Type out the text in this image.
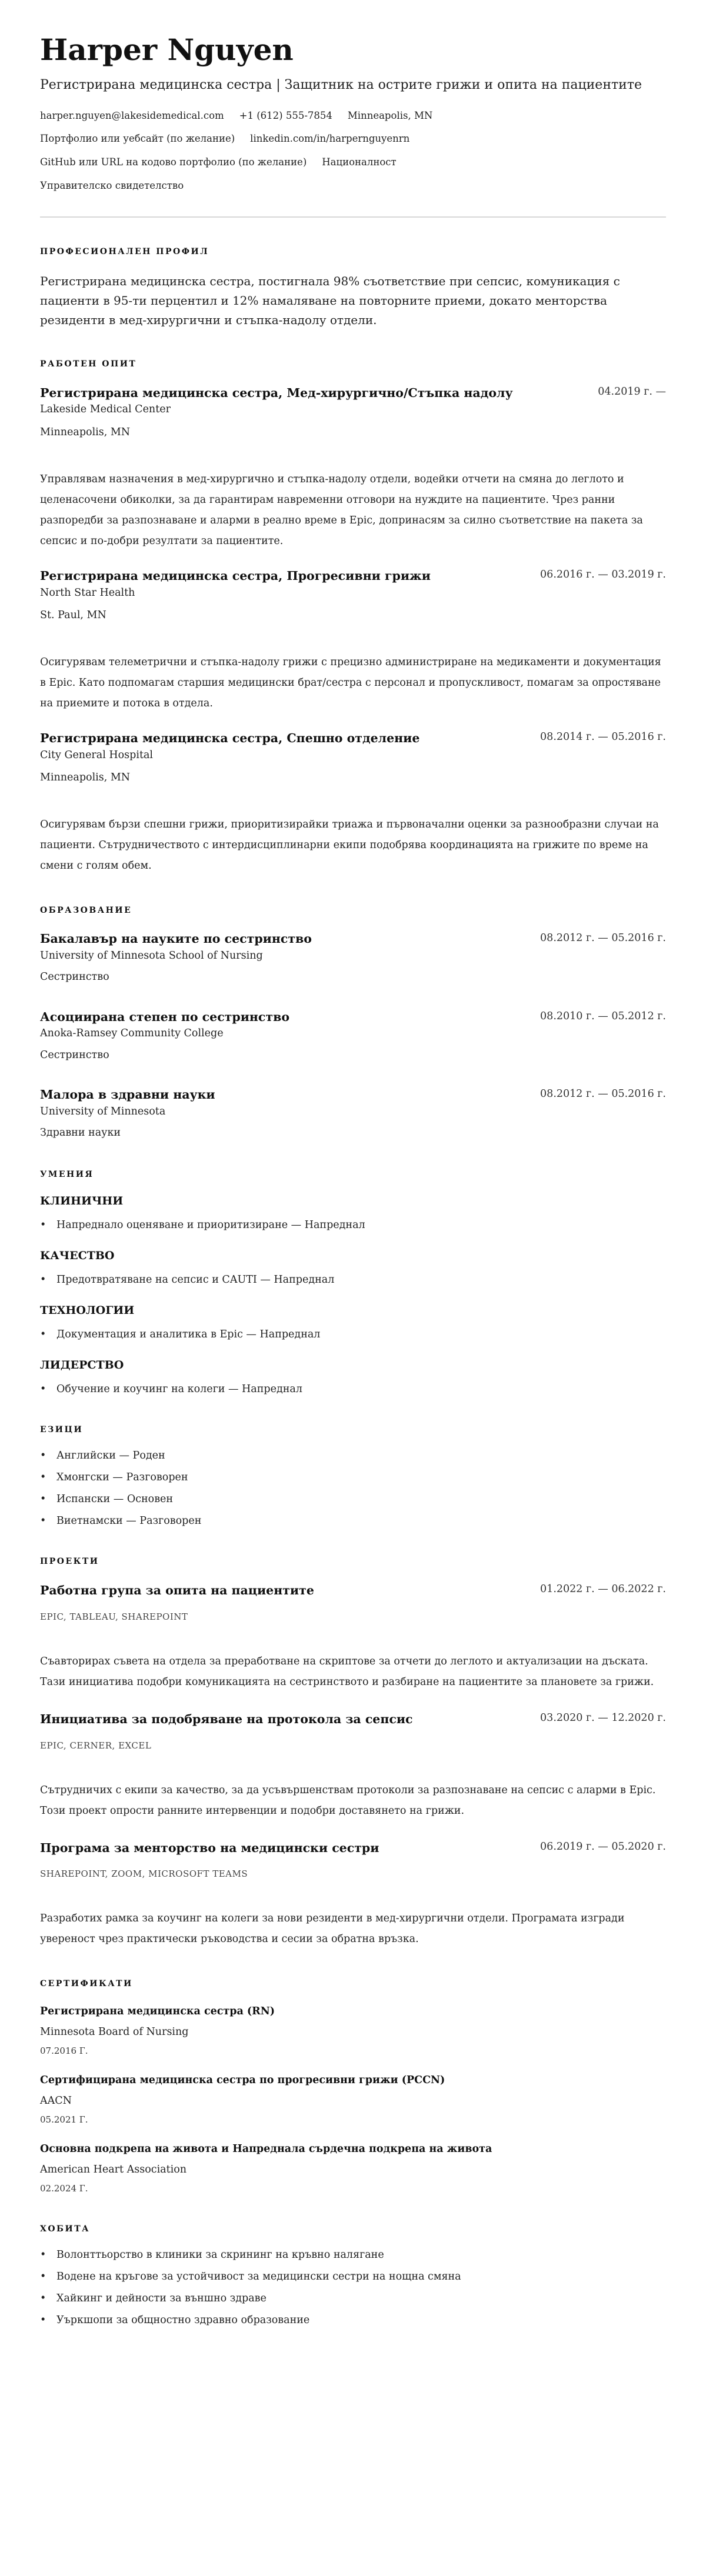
Harper Nguyen
Регистрирана медицинска сестра | Защитник на острите грижи и опита на пациентите
harper.nguyen@lakesidemedical.com +1 (612) 555-7854 Minneapolis, MN
Портфолио или уебсайт (по желание) linkedin.com/in/harpernguyenrn
GitHub или URL на кодово портфолио (по желание) Националност
Управителско свидетелство
ПРОФЕСИОНАЛЕН ПРОФИЛ

Регистрирана медицинска сестра, постигнала 98% съответствие при сепсис, комуникация с пациенти в 95-ти перцентил и 12% намаляване на повторните приеми, докато менторства резиденти в мед-хирургични и стъпка-надолу отдели.

РАБОТЕН ОПИТ
Регистрирана медицинска сестра, Мед-хирургично/Стъпка надолу	04.2019 г. —
Lakeside Medical Center
Minneapolis, MN
Управлявам назначения в мед-хирургично и стъпка-надолу отдели, водейки отчети на смяна до леглото и целенасочени обиколки, за да гарантирам навременни отговори на нуждите на пациентите. Чрез ранни разпоредби за разпознаване и аларми в реално време в Epic, допринасям за силно съответствие на пакета за сепсис и по-добри резултати за пациентите.
Регистрирана медицинска сестра, Прогресивни грижи	06.2016 г. — 03.2019 г.
North Star Health
St. Paul, MN
Осигурявам телеметрични и стъпка-надолу грижи с прецизно администриране на медикаменти и документация в Epic. Като подпомагам старшия медицински брат/сестра с персонал и пропускливост, помагам за опростяване на приемите и потока в отдела.
Регистрирана медицинска сестра, Спешно отделение	08.2014 г. — 05.2016 г.
City General Hospital
Minneapolis, MN
Осигурявам бързи спешни грижи, приоритизирайки триажа и първоначални оценки за разнообразни случаи на пациенти. Сътрудничеството с интердисциплинарни екипи подобрява координацията на грижите по време на смени с голям обем.
ОБРАЗОВАНИЕ
Бакалавър на науките по сестринство	08.2012 г. — 05.2016 г.
University of Minnesota School of Nursing
Сестринство
Асоциирана степен по сестринство	08.2010 г. — 05.2012 г.
Anoka-Ramsey Community College
Сестринство
Малора в здравни науки	08.2012 г. — 05.2016 г.
University of Minnesota
Здравни науки
УМЕНИЯ
КЛИНИЧНИ
• Напреднало оценяване и приоритизиране — Напреднал
КАЧЕСТВО
• Предотвратяване на сепсис и CAUTI — Напреднал
ТЕХНОЛОГИИ
• Документация и аналитика в Epic — Напреднал
ЛИДЕРСТВО
• Обучение и коучинг на колеги — Напреднал
ЕЗИЦИ
• Английски — Роден
• Хмонгски — Разговорен
• Испански — Основен
• Виетнамски — Разговорен
ПРОЕКТИ
Работна група за опита на пациентите	01.2022 г. — 06.2022 г.
EPIC, TABLEAU, SHAREPOINT
Съавторирах съвета на отдела за преработване на скриптове за отчети до леглото и актуализации на дъската. Тази инициатива подобри комуникацията на сестринството и разбиране на пациентите за плановете за грижи.
Инициатива за подобряване на протокола за сепсис	03.2020 г. — 12.2020 г.
EPIC, CERNER, EXCEL
Сътрудничих с екипи за качество, за да усъвършенствам протоколи за разпознаване на сепсис с аларми в Epic. Този проект опрости ранните интервенции и подобри доставянето на грижи.
Програма за менторство на медицински сестри	06.2019 г. — 05.2020 г.
SHAREPOINT, ZOOM, MICROSOFT TEAMS
Разработих рамка за коучинг на колеги за нови резиденти в мед-хирургични отдели. Програмата изгради увереност чрез практически ръководства и сесии за обратна връзка.
СЕРТИФИКАТИ
Регистрирана медицинска сестра (RN)
Minnesota Board of Nursing
07.2016 Г.
Сертифицирана медицинска сестра по прогресивни грижи (PCCN)
AACN
05.2021 Г.
Основна подкрепа на живота и Напреднала сърдечна подкрепа на живота
American Heart Association
02.2024 Г.
ХОБИТА
• Волонттьорство в клиники за скрининг на кръвно налягане
• Водене на кръгове за устойчивост за медицински сестри на нощна смяна
• Хайкинг и дейности за външно здраве
• Уъркшопи за общностно здравно образование
